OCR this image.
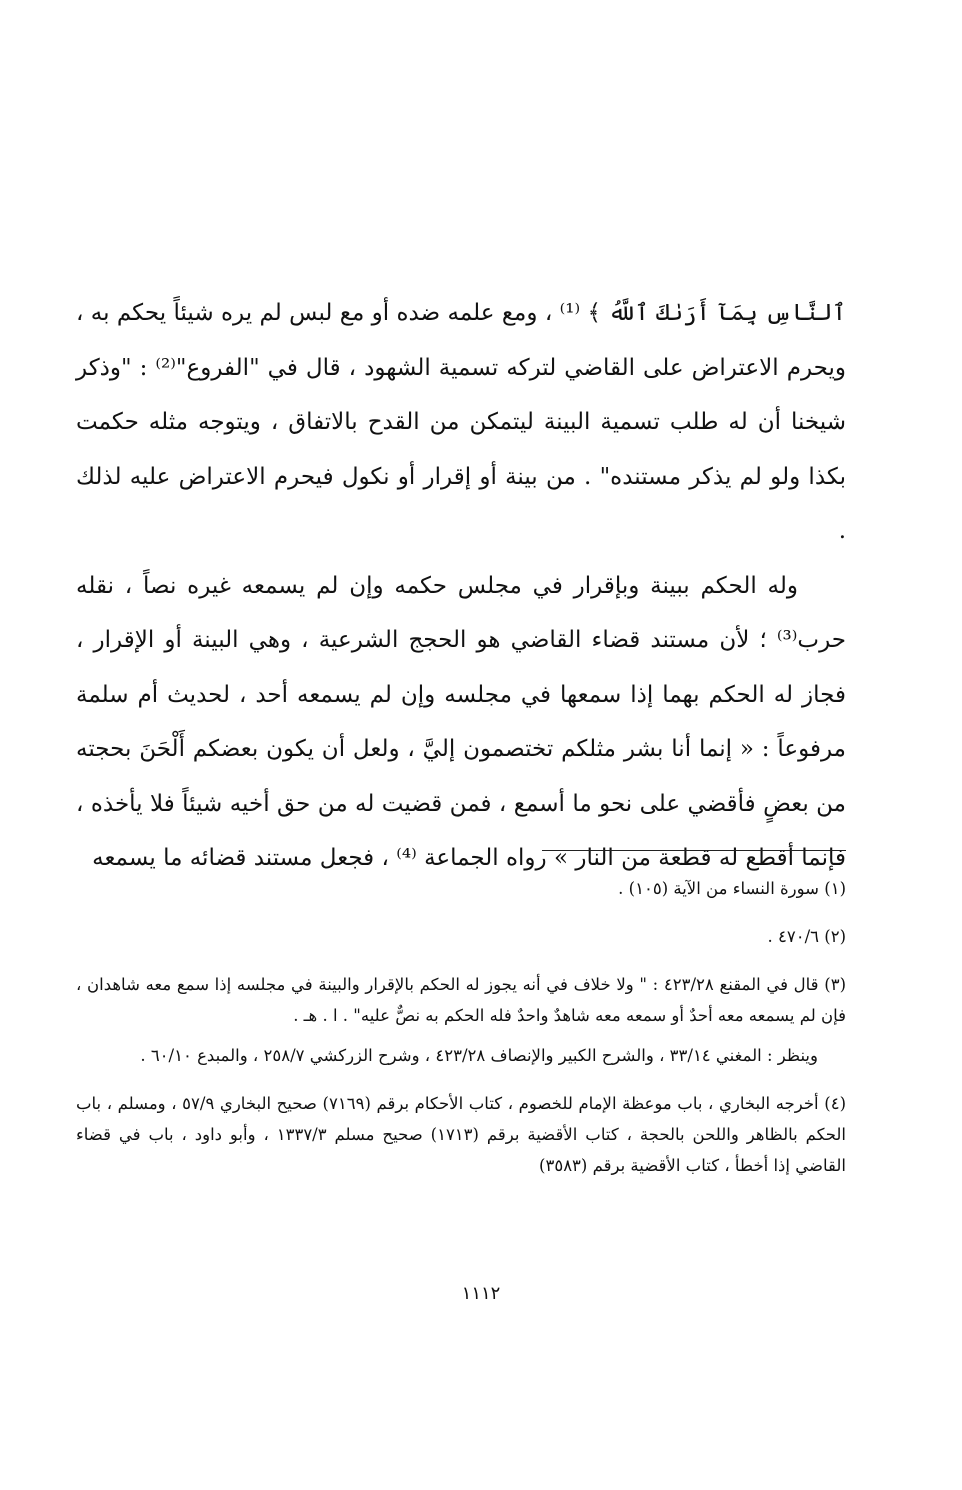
ٱلنَّاسِ بِمَآ أَرَىٰكَ ٱللَّهُ ﴾ ⁽¹⁾ ، ومع علمه ضده أو مع لبس لم يره شيئاً يحكم به ، ويحرم الاعتراض على القاضي لتركه تسمية الشهود ، قال في "الفروع"⁽²⁾ : "وذكر شيخنا أن له طلب تسمية البينة ليتمكن من القدح بالاتفاق ، ويتوجه مثله حكمت بكذا ولو لم يذكر مستنده" . من بينة أو إقرار أو نكول فيحرم الاعتراض عليه لذلك .

وله الحكم ببينة وبإقرار في مجلس حكمه وإن لم يسمعه غيره نصاً ، نقله حرب⁽³⁾ ؛ لأن مستند قضاء القاضي هو الحجج الشرعية ، وهي البينة أو الإقرار ، فجاز له الحكم بهما إذا سمعها في مجلسه وإن لم يسمعه أحد ، لحديث أم سلمة مرفوعاً : « إنما أنا بشر مثلكم تختصمون إليَّ ، ولعل أن يكون بعضكم أَلْحَنَ بحجته من بعضٍ فأقضي على نحو ما أسمع ، فمن قضيت له من حق أخيه شيئاً فلا يأخذه ، فإنما أقطع له قطعة من النار » رواه الجماعة ⁽⁴⁾ ، فجعل مستند قضائه ما يسمعه

(١) سورة النساء من الآية (١٠٥) .

(٢) ٤٧٠/٦ .

(٣) قال في المقنع ٤٢٣/٢٨ : " ولا خلاف في أنه يجوز له الحكم بالإقرار والبينة في مجلسه إذا سمع معه شاهدان ، فإن لم يسمعه معه أحدٌ أو سمعه معه شاهدٌ واحدٌ فله الحكم به نصٌّ عليه" . ا . هـ .

وينظر : المغني ٣٣/١٤ ، والشرح الكبير والإنصاف ٤٢٣/٢٨ ، وشرح الزركشي ٢٥٨/٧ ، والمبدع ٦٠/١٠ .

(٤) أخرجه البخاري ، باب موعظة الإمام للخصوم ، كتاب الأحكام برقم (٧١٦٩) صحيح البخاري ٥٧/٩ ، ومسلم ، باب الحكم بالظاهر واللحن بالحجة ، كتاب الأقضية برقم (١٧١٣) صحيح مسلم ١٣٣٧/٣ ، وأبو داود ، باب في قضاء القاضي إذا أخطأ ، كتاب الأقضية برقم (٣٥٨٣)

١١١٢
